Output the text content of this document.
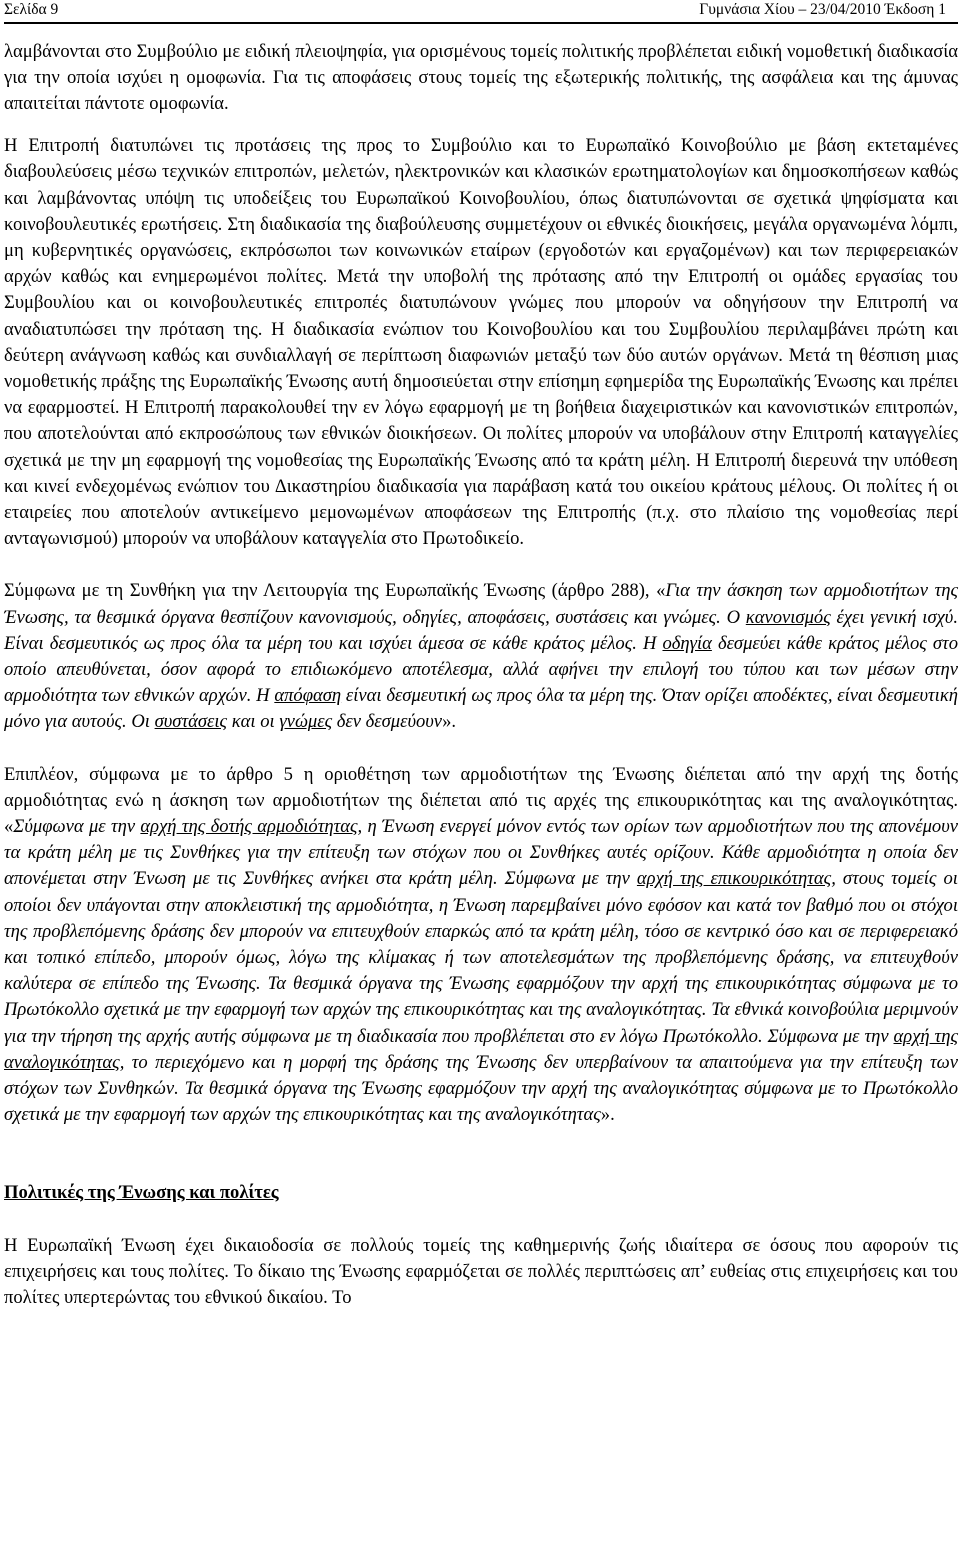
Σελίδα 9	Γυμνάσια Χίου – 23/04/2010 Έκδοση 1

λαμβάνονται στο Συμβούλιο με ειδική πλειοψηφία, για ορισμένους τομείς πολιτικής προβλέπεται ειδική νομοθετική διαδικασία για την οποία ισχύει η ομοφωνία. Για τις αποφάσεις στους τομείς της εξωτερικής πολιτικής, της ασφάλεια και της άμυνας απαιτείται πάντοτε ομοφωνία.

Η Επιτροπή διατυπώνει τις προτάσεις της προς το Συμβούλιο και το Ευρωπαϊκό Κοινοβούλιο με βάση εκτεταμένες διαβουλεύσεις μέσω τεχνικών επιτροπών, μελετών, ηλεκτρονικών και κλασικών ερωτηματολογίων και δημοσκοπήσεων καθώς και λαμβάνοντας υπόψη τις υποδείξεις του Ευρωπαϊκού Κοινοβουλίου, όπως διατυπώνονται σε σχετικά ψηφίσματα και κοινοβουλευτικές ερωτήσεις. Στη διαδικασία της διαβούλευσης συμμετέχουν οι εθνικές διοικήσεις, μεγάλα οργανωμένα λόμπι, μη κυβερνητικές οργανώσεις, εκπρόσωποι των κοινωνικών εταίρων (εργοδοτών και εργαζομένων) και των περιφερειακών αρχών καθώς και ενημερωμένοι πολίτες. Μετά την υποβολή της πρότασης από την Επιτροπή οι ομάδες εργασίας του Συμβουλίου και οι κοινοβουλευτικές επιτροπές διατυπώνουν γνώμες που μπορούν να οδηγήσουν την Επιτροπή να αναδιατυπώσει την πρόταση της. Η διαδικασία ενώπιον του Κοινοβουλίου και του Συμβουλίου περιλαμβάνει πρώτη και δεύτερη ανάγνωση καθώς και συνδιαλλαγή σε περίπτωση διαφωνιών μεταξύ των δύο αυτών οργάνων. Μετά τη θέσπιση μιας νομοθετικής πράξης της Ευρωπαϊκής Ένωσης αυτή δημοσιεύεται στην επίσημη εφημερίδα της Ευρωπαϊκής Ένωσης και πρέπει να εφαρμοστεί. Η Επιτροπή παρακολουθεί την εν λόγω εφαρμογή με τη βοήθεια διαχειριστικών και κανονιστικών επιτροπών, που αποτελούνται από εκπροσώπους των εθνικών διοικήσεων. Οι πολίτες μπορούν να υποβάλουν στην Επιτροπή καταγγελίες σχετικά με την μη εφαρμογή της νομοθεσίας της Ευρωπαϊκής Ένωσης από τα κράτη μέλη. Η Επιτροπή διερευνά την υπόθεση και κινεί ενδεχομένως ενώπιον του Δικαστηρίου διαδικασία για παράβαση κατά του οικείου κράτους μέλους. Οι πολίτες ή οι εταιρείες που αποτελούν αντικείμενο μεμονωμένων αποφάσεων της Επιτροπής (π.χ. στο πλαίσιο της νομοθεσίας περί ανταγωνισμού) μπορούν να υποβάλουν καταγγελία στο Πρωτοδικείο.

Σύμφωνα με τη Συνθήκη για την Λειτουργία της Ευρωπαϊκής Ένωσης (άρθρο 288), «Για την άσκηση των αρμοδιοτήτων της Ένωσης, τα θεσμικά όργανα θεσπίζουν κανονισμούς, οδηγίες, αποφάσεις, συστάσεις και γνώμες. Ο κανονισμός έχει γενική ισχύ. Είναι δεσμευτικός ως προς όλα τα μέρη του και ισχύει άμεσα σε κάθε κράτος μέλος. Η οδηγία δεσμεύει κάθε κράτος μέλος στο οποίο απευθύνεται, όσον αφορά το επιδιωκόμενο αποτέλεσμα, αλλά αφήνει την επιλογή του τύπου και των μέσων στην αρμοδιότητα των εθνικών αρχών. Η απόφαση είναι δεσμευτική ως προς όλα τα μέρη της. Όταν ορίζει αποδέκτες, είναι δεσμευτική μόνο για αυτούς. Οι συστάσεις και οι γνώμες δεν δεσμεύουν».

Επιπλέον, σύμφωνα με το άρθρο 5 η οριοθέτηση των αρμοδιοτήτων της Ένωσης διέπεται από την αρχή της δοτής αρμοδιότητας ενώ η άσκηση των αρμοδιοτήτων της διέπεται από τις αρχές της επικουρικότητας και της αναλογικότητας. «Σύμφωνα με την αρχή της δοτής αρμοδιότητας, η Ένωση ενεργεί μόνον εντός των ορίων των αρμοδιοτήτων που της απονέμουν τα κράτη μέλη με τις Συνθήκες για την επίτευξη των στόχων που οι Συνθήκες αυτές ορίζουν. Κάθε αρμοδιότητα η οποία δεν απονέμεται στην Ένωση με τις Συνθήκες ανήκει στα κράτη μέλη. Σύμφωνα με την αρχή της επικουρικότητας, στους τομείς οι οποίοι δεν υπάγονται στην αποκλειστική της αρμοδιότητα, η Ένωση παρεμβαίνει μόνο εφόσον και κατά τον βαθμό που οι στόχοι της προβλεπόμενης δράσης δεν μπορούν να επιτευχθούν επαρκώς από τα κράτη μέλη, τόσο σε κεντρικό όσο και σε περιφερειακό και τοπικό επίπεδο, μπορούν όμως, λόγω της κλίμακας ή των αποτελεσμάτων της προβλεπόμενης δράσης, να επιτευχθούν καλύτερα σε επίπεδο της Ένωσης. Τα θεσμικά όργανα της Ένωσης εφαρμόζουν την αρχή της επικουρικότητας σύμφωνα με το Πρωτόκολλο σχετικά με την εφαρμογή των αρχών της επικουρικότητας και της αναλογικότητας. Τα εθνικά κοινοβούλια μεριμνούν για την τήρηση της αρχής αυτής σύμφωνα με τη διαδικασία που προβλέπεται στο εν λόγω Πρωτόκολλο. Σύμφωνα με την αρχή της αναλογικότητας, το περιεχόμενο και η μορφή της δράσης της Ένωσης δεν υπερβαίνουν τα απαιτούμενα για την επίτευξη των στόχων των Συνθηκών. Τα θεσμικά όργανα της Ένωσης εφαρμόζουν την αρχή της αναλογικότητας σύμφωνα με το Πρωτόκολλο σχετικά με την εφαρμογή των αρχών της επικουρικότητας και της αναλογικότητας».

Πολιτικές της Ένωσης και πολίτες

Η Ευρωπαϊκή Ένωση έχει δικαιοδοσία σε πολλούς τομείς της καθημερινής ζωής ιδιαίτερα σε όσους που αφορούν τις επιχειρήσεις και τους πολίτες. Το δίκαιο της Ένωσης εφαρμόζεται σε πολλές περιπτώσεις απ’ ευθείας στις επιχειρήσεις και του πολίτες υπερτερώντας του εθνικού δικαίου. Το
